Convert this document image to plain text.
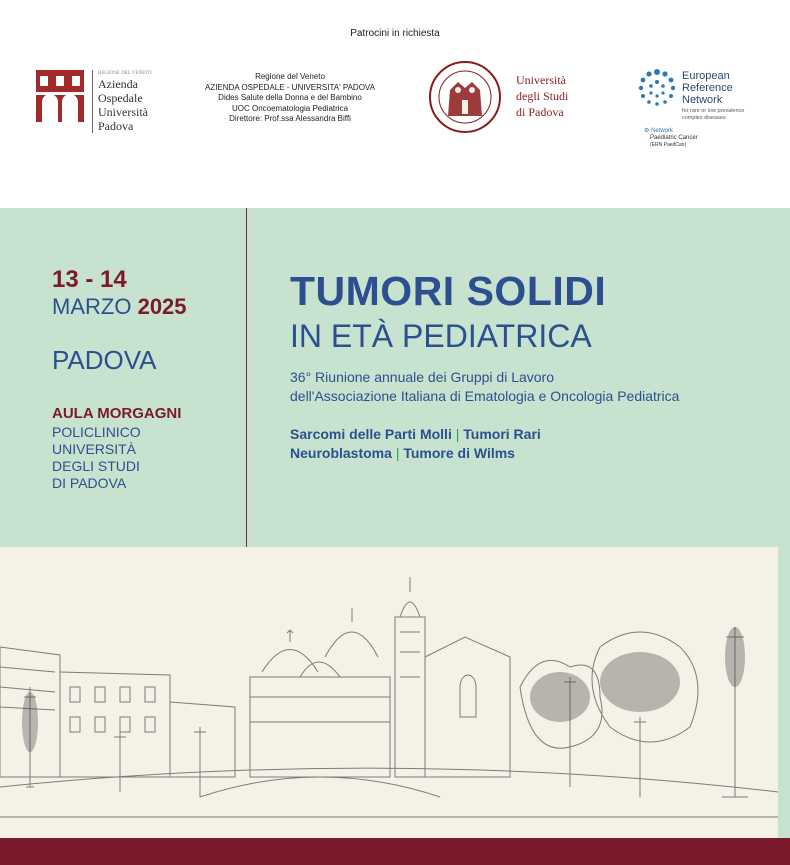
Patrocini in richiesta
REGIONE DEL VENETO
Azienda
Ospedale
Università
Padova
Regione del Veneto
AZIENDA OSPEDALE - UNIVERSITA' PADOVA
Dides Salute della Donna e del Bambino
UOC Oncoematologia Pediatrica
Direttore: Prof.ssa Alessandra Biffi
Università
degli Studi
di Padova
European
Reference
Network
for rare or low prevalence
complex diseases
⚙ Network
Paediatric Cancer
(ERN PaedCan)
13 - 14
MARZO 2025
PADOVA
AULA MORGAGNI
POLICLINICO
UNIVERSITÀ
DEGLI STUDI
DI PADOVA
TUMORI SOLIDI
IN ETÀ PEDIATRICA
36° Riunione annuale dei Gruppi di Lavoro
dell'Associazione Italiana di Ematologia e Oncologia Pediatrica
Sarcomi delle Parti Molli | Tumori Rari
Neuroblastoma | Tumore di Wilms
